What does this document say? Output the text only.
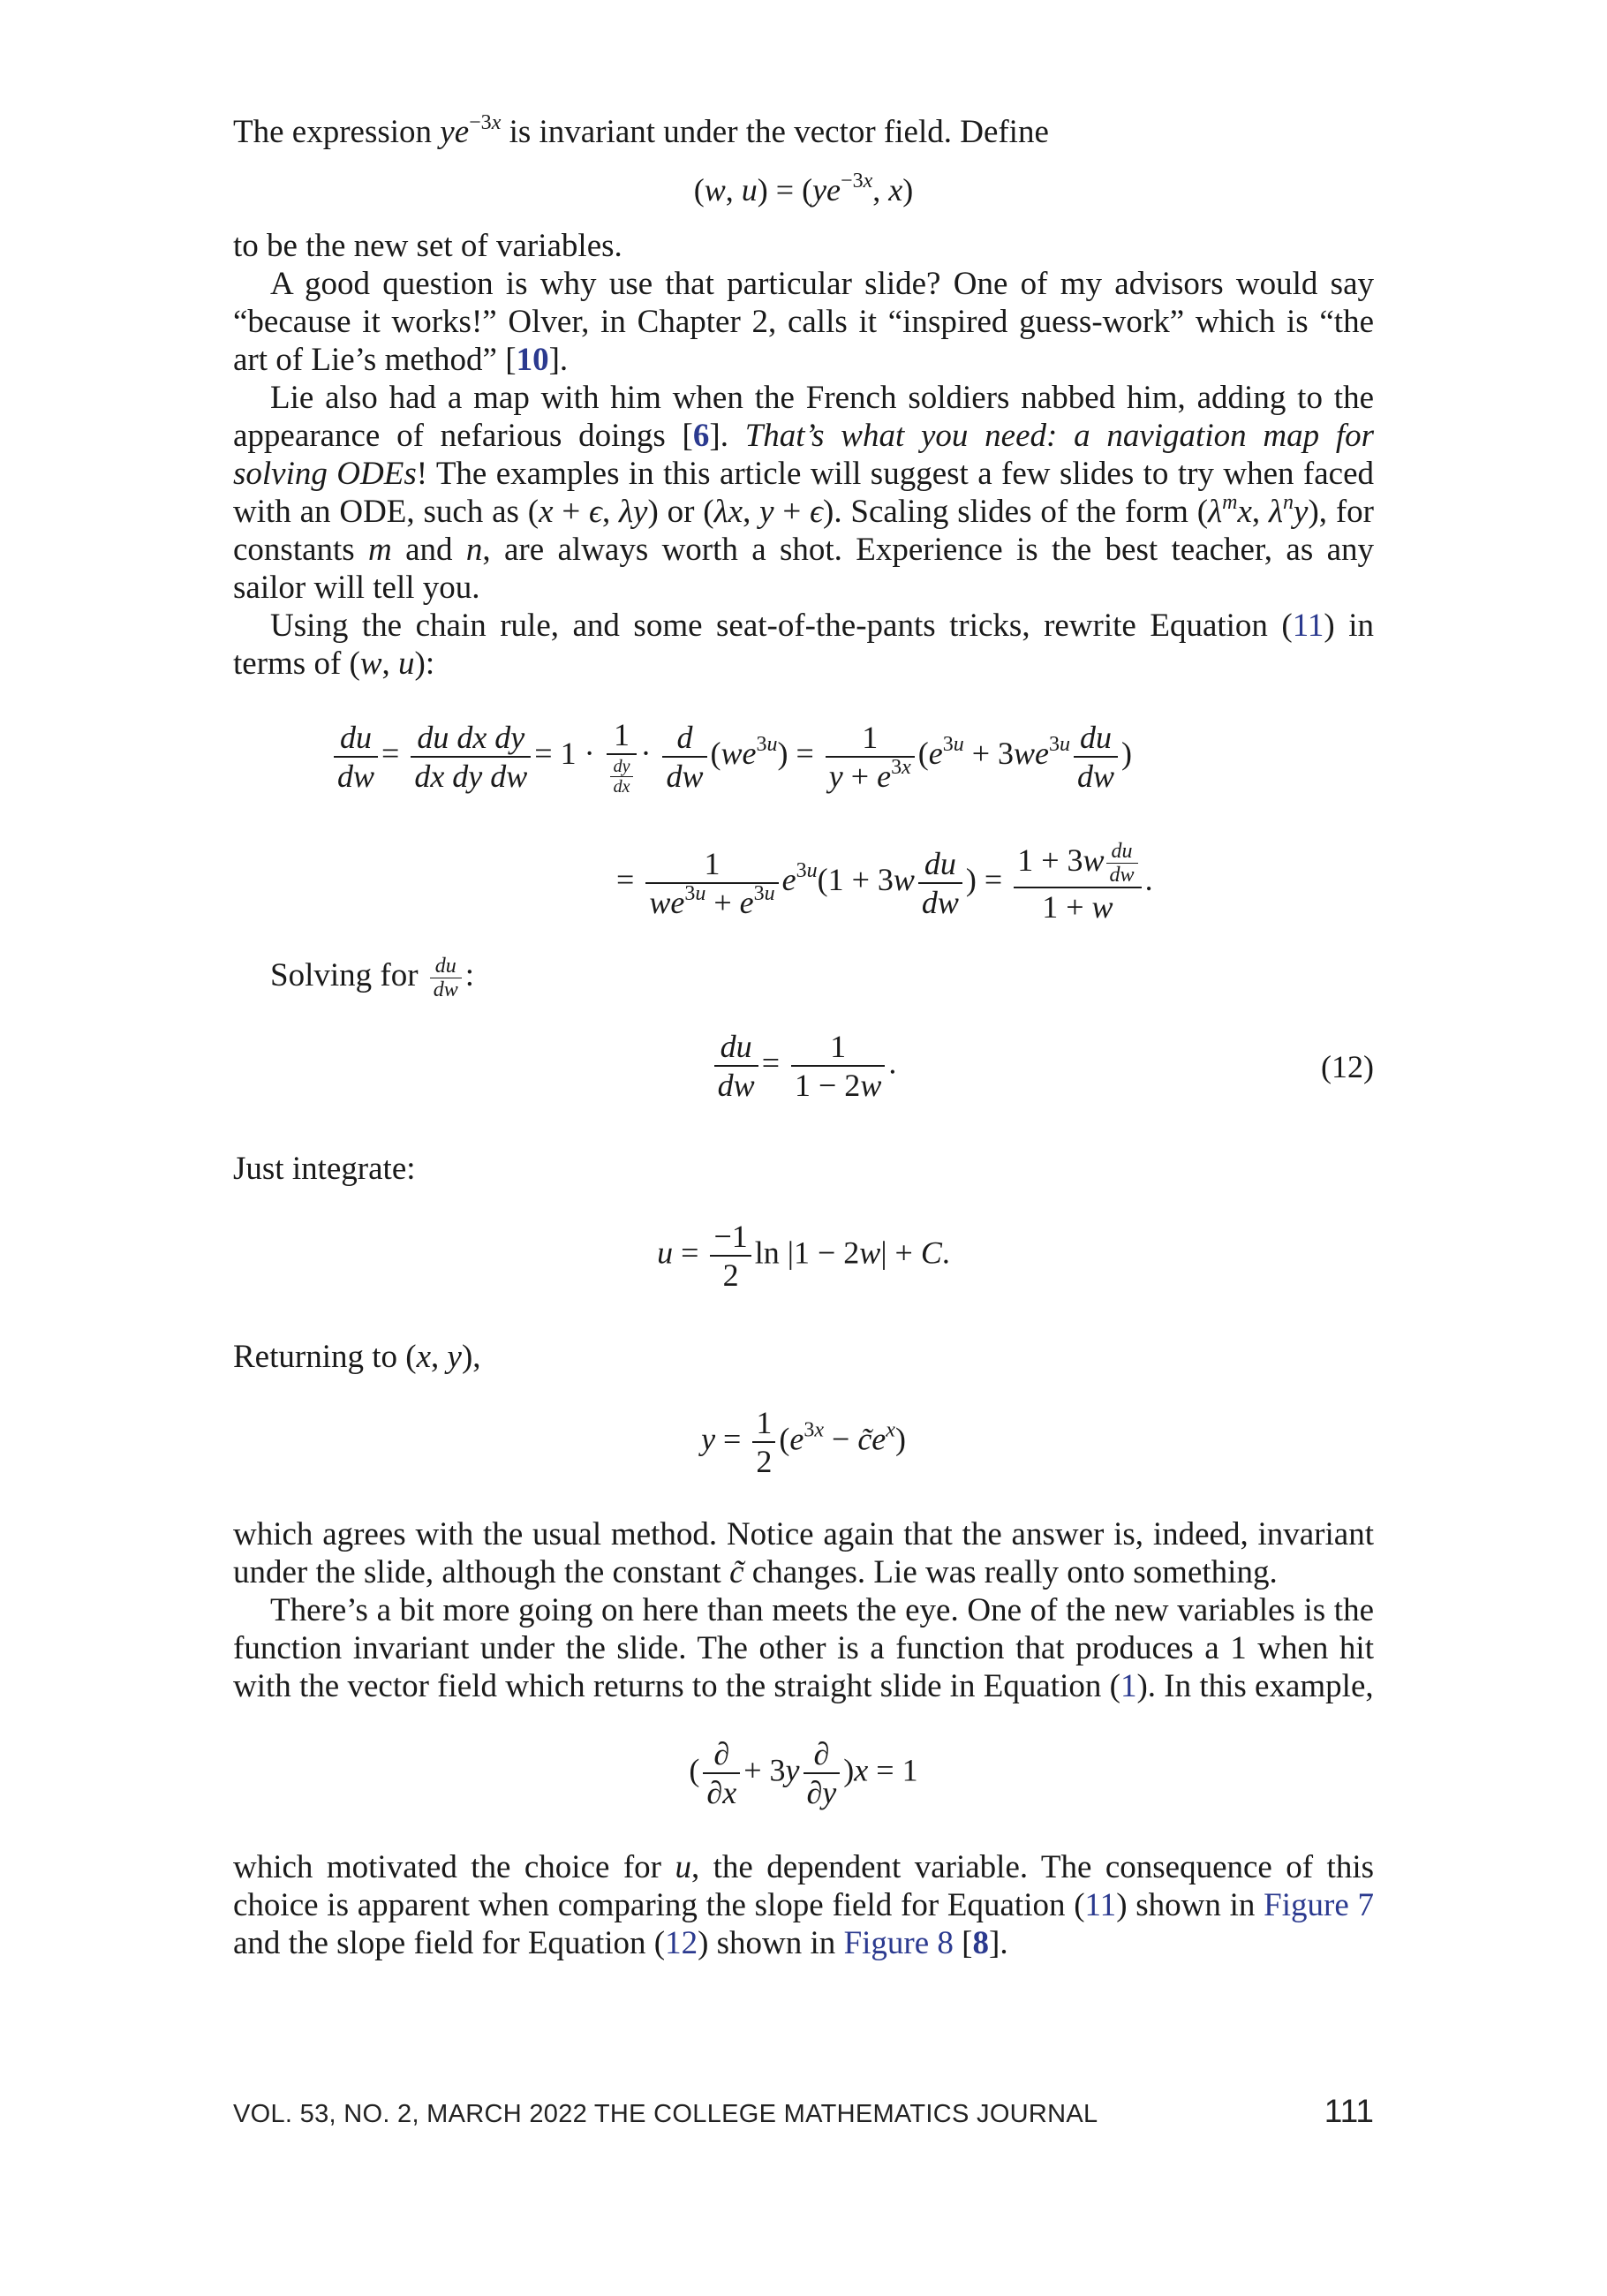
The expression $ye^{-3x}$ is invariant under the vector field. Define

(w, $u) = (ye^{-3x}$, x)

to be the new set of variables.

A good question is why use that particular slide? One of my advisors would say “because it works!” Olver, in Chapter 2, calls it “inspired guess-work” which is “the art of Lie’s method” [10].

Lie also had a map with him when the French soldiers nabbed him, adding to the appearance of nefarious doings [6]. That’s what you need: a navigation map for solving ODEs! The examples in this article will suggest a few slides to try when faced with an ODE, such as (x + ϵ, λy) or (λx, y + ϵ). Scaling slides of the form ($\lambda^mx$, $\lambda^ny$), for constants m and n, are always worth a shot. Experience is the best teacher, as any sailor will tell you.

Using the chain rule, and some seat-of-the-pants tricks, rewrite Equation (11) in terms of (w, u):

$\frac{du}{dw} = \frac{\text{du dx dy}}{\text{dx dy dw}} = 1 \cdot \frac{1}{\frac{dy}{dx}} \cdot \frac{d}{dw} (we^{3u}) = \frac{1}{y + e^{3x}} (e^{3u} + 3we^{3u} \frac{du}{dw}$ )
= $\frac{1}{we^{3u} + e^{3u}} e^{3u}(1 + 3w \frac{du}{dw}$ ) = $\frac{1 + 3w \frac{du}{dw}}{1 + w}$ .

Solving for $\frac{du}{dw}$ :

$\frac{du}{dw} = \frac{1}{1 - 2w}$ .	(12)

Just integrate:

$u = \frac{-1}{2}$ ln |1 − 2w| + C.

Returning to (x, y),

$y = \frac{1}{2} (e^{3x}$ − $c̃e^x$)

which agrees with the usual method. Notice again that the answer is, indeed, invariant under the slide, although the constant c̃ changes. Lie was really onto something.

There’s a bit more going on here than meets the eye. One of the new variables is the function invariant under the slide. The other is a function that produces a 1 when hit with the vector field which returns to the straight slide in Equation (1). In this example,

( $\frac{\partial}{\partial x} + 3y \frac{\partial}{\partial y} )x = 1$

which motivated the choice for u, the dependent variable. The consequence of this choice is apparent when comparing the slope field for Equation (11) shown in Figure 7 and the slope field for Equation (12) shown in Figure 8 [8].

VOL. 53, NO. 2, MARCH 2022 THE COLLEGE MATHEMATICS JOURNAL	111
